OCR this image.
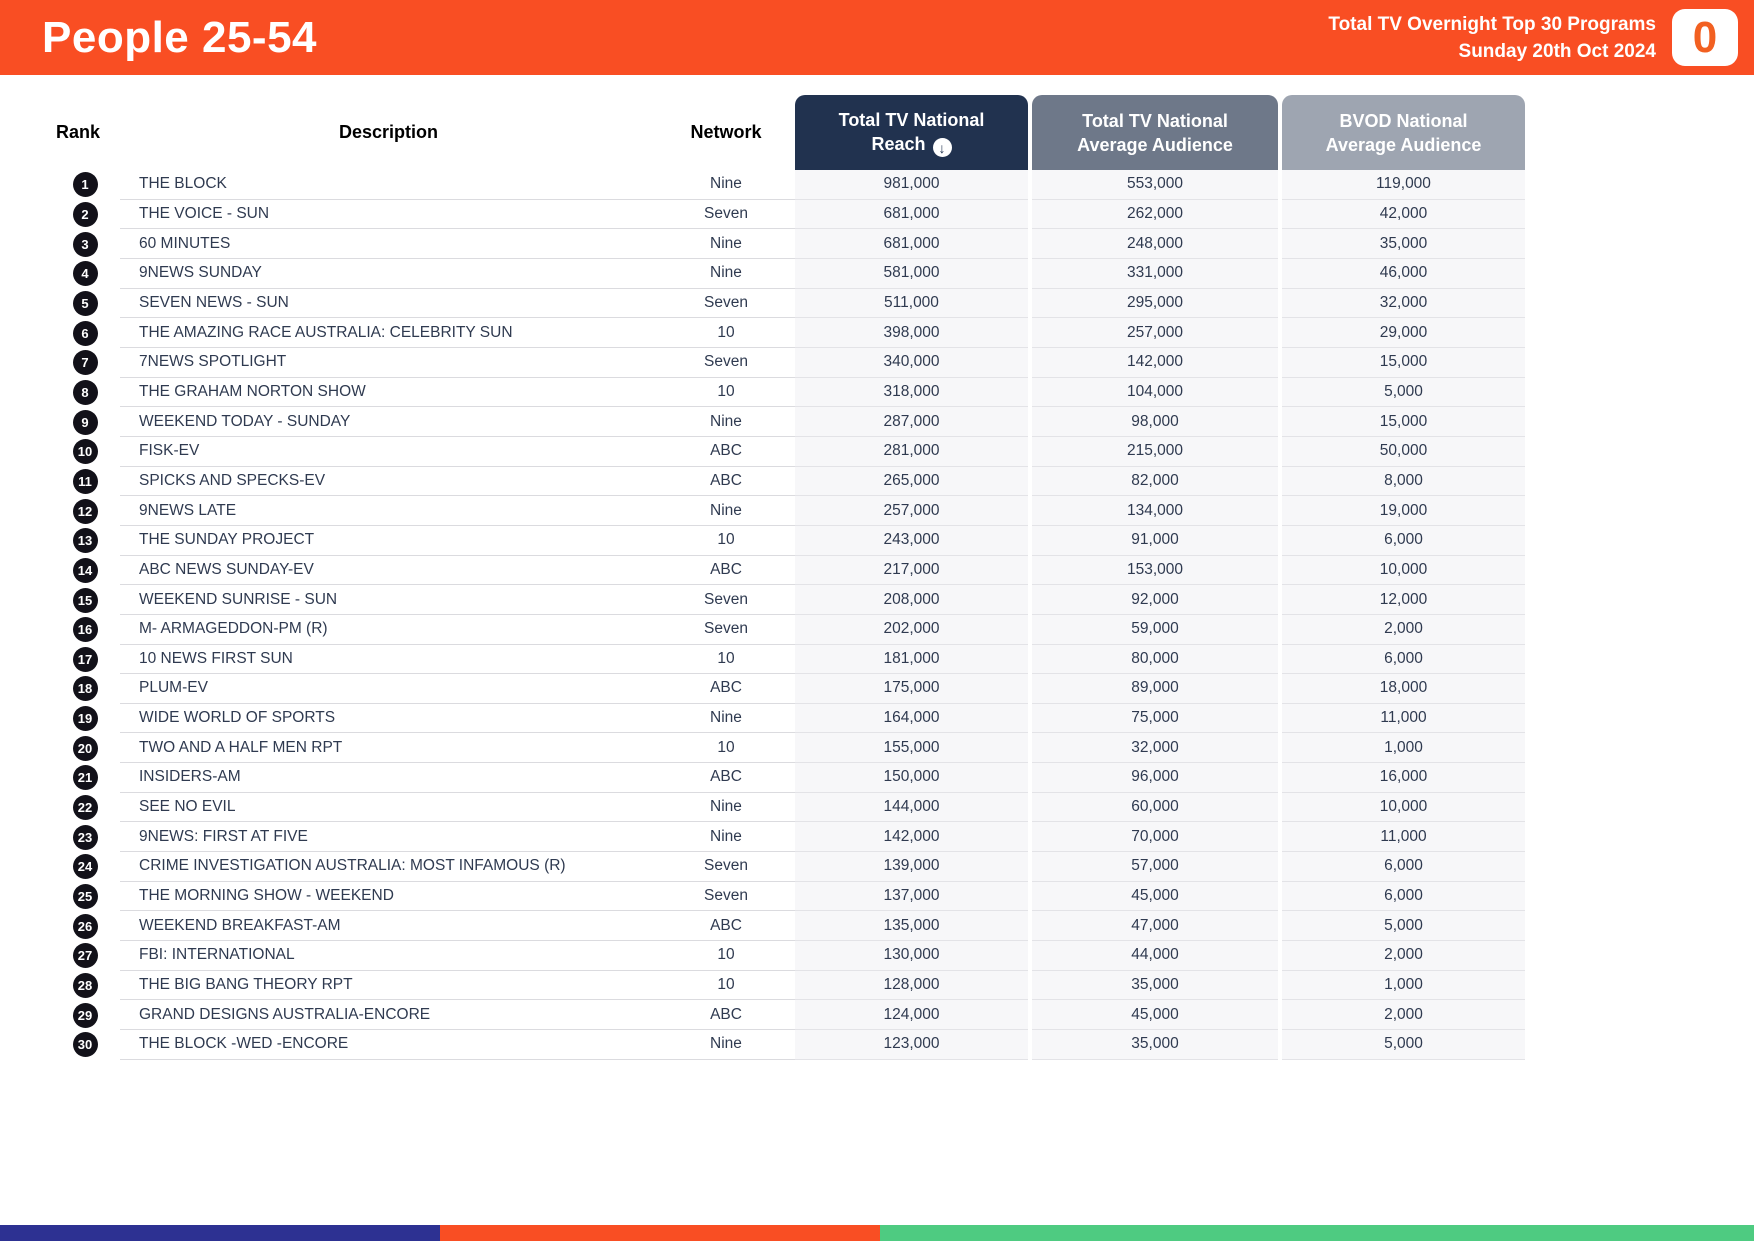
People 25-54	Total TV Overnight Top 30 Programs
Sunday 20th Oct 2024 0
Rank	Description	Network
Total TV National
Reach ↓
Total TV National
Average Audience
BVOD National
Average Audience
1	THE BLOCK	Nine	981,000	553,000	119,000
2	THE VOICE - SUN	Seven	681,000	262,000	42,000
3	60 MINUTES	Nine	681,000	248,000	35,000
4	9NEWS SUNDAY	Nine	581,000	331,000	46,000
5	SEVEN NEWS - SUN	Seven	511,000	295,000	32,000
6	THE AMAZING RACE AUSTRALIA: CELEBRITY SUN	10	398,000	257,000	29,000
7	7NEWS SPOTLIGHT	Seven	340,000	142,000	15,000
8	THE GRAHAM NORTON SHOW	10	318,000	104,000	5,000
9	WEEKEND TODAY - SUNDAY	Nine	287,000	98,000	15,000
10	FISK-EV	ABC	281,000	215,000	50,000
11	SPICKS AND SPECKS-EV	ABC	265,000	82,000	8,000
12	9NEWS LATE	Nine	257,000	134,000	19,000
13	THE SUNDAY PROJECT	10	243,000	91,000	6,000
14	ABC NEWS SUNDAY-EV	ABC	217,000	153,000	10,000
15	WEEKEND SUNRISE - SUN	Seven	208,000	92,000	12,000
16	M- ARMAGEDDON-PM (R)	Seven	202,000	59,000	2,000
17	10 NEWS FIRST SUN	10	181,000	80,000	6,000
18	PLUM-EV	ABC	175,000	89,000	18,000
19	WIDE WORLD OF SPORTS	Nine	164,000	75,000	11,000
20	TWO AND A HALF MEN RPT	10	155,000	32,000	1,000
21	INSIDERS-AM	ABC	150,000	96,000	16,000
22	SEE NO EVIL	Nine	144,000	60,000	10,000
23	9NEWS: FIRST AT FIVE	Nine	142,000	70,000	11,000
24	CRIME INVESTIGATION AUSTRALIA: MOST INFAMOUS (R)	Seven	139,000	57,000	6,000
25	THE MORNING SHOW - WEEKEND	Seven	137,000	45,000	6,000
26	WEEKEND BREAKFAST-AM	ABC	135,000	47,000	5,000
27	FBI: INTERNATIONAL	10	130,000	44,000	2,000
28	THE BIG BANG THEORY RPT	10	128,000	35,000	1,000
29	GRAND DESIGNS AUSTRALIA-ENCORE	ABC	124,000	45,000	2,000
30	THE BLOCK -WED -ENCORE	Nine	123,000	35,000	5,000
